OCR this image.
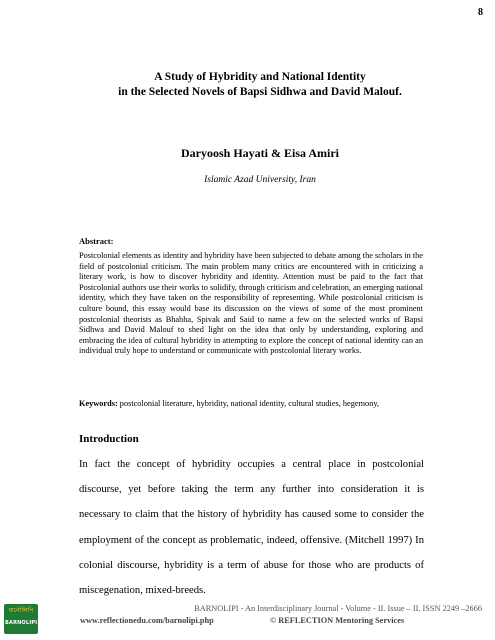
8
A Study of Hybridity and National Identity
in the Selected Novels of Bapsi Sidhwa and David Malouf.
Daryoosh Hayati & Eisa Amiri
Islamic Azad University, Iran
Abstract:
Postcolonial elements as identity and hybridity have been subjected to debate among the scholars in the field of postcolonial criticism. The main problem many critics are encountered with in criticizing a literary work, is how to discover hybridity and identity. Attention must be paid to the fact that Postcolonial authors use their works to solidify, through criticism and celebration, an emerging national identity, which they have taken on the responsibility of representing. While postcolonial criticism is culture bound, this essay would base its discussion on the views of some of the most prominent postcolonial theorists as Bhabha, Spivak and Said to name a few on the selected works of Bapsi Sidhwa and David Malouf to shed light on the idea that only by understanding, exploring and embracing the idea of cultural hybridity in attempting to explore the concept of national identity can an individual truly hope to understand or communicate with postcolonial literary works.
Keywords: postcolonial literature, hybridity, national identity, cultural studies, hegemony,
Introduction
In fact the concept of hybridity occupies a central place in postcolonial discourse, yet before taking the term any further into consideration it is necessary to claim that the history of hybridity has caused some to consider the employment of the concept as problematic, indeed, offensive. (Mitchell 1997) In colonial discourse, hybridity is a term of abuse for those who are products of miscegenation, mixed-breeds.
বার্নোলিপি
BARNOLIPI
BARNOLIPI - An Interdisciplinary Journal - Volume - II. Issue – II. ISSN 2249 –2666
www.reflectionedu.com/barnolipi.php	© REFLECTION Mentoring Services
